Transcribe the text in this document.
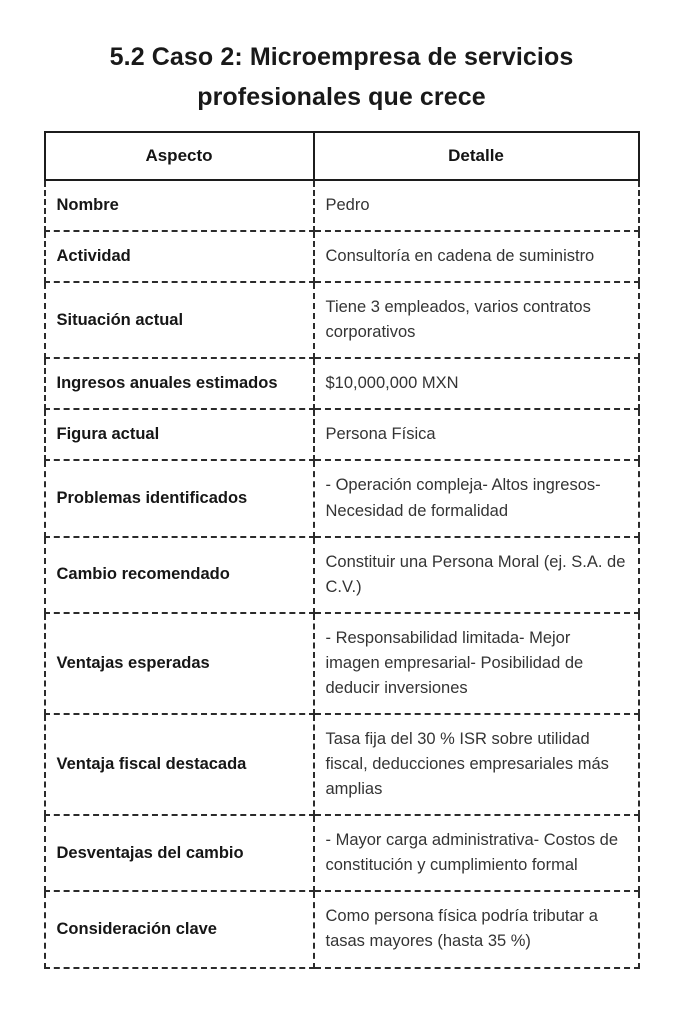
5.2 Caso 2: Microempresa de servicios profesionales que crece
Aspecto	Detalle
Nombre	Pedro
Actividad	Consultoría en cadena de suministro
Situación actual	Tiene 3 empleados, varios contratos corporativos
Ingresos anuales estimados	$10,000,000 MXN
Figura actual	Persona Física
Problemas identificados	- Operación compleja- Altos ingresos- Necesidad de formalidad
Cambio recomendado	Constituir una Persona Moral (ej. S.A. de C.V.)
Ventajas esperadas	- Responsabilidad limitada- Mejor imagen empresarial- Posibilidad de deducir inversiones
Ventaja fiscal destacada	Tasa fija del 30 % ISR sobre utilidad fiscal, deducciones empresariales más amplias
Desventajas del cambio	- Mayor carga administrativa- Costos de constitución y cumplimiento formal
Consideración clave	Como persona física podría tributar a tasas mayores (hasta 35 %)
